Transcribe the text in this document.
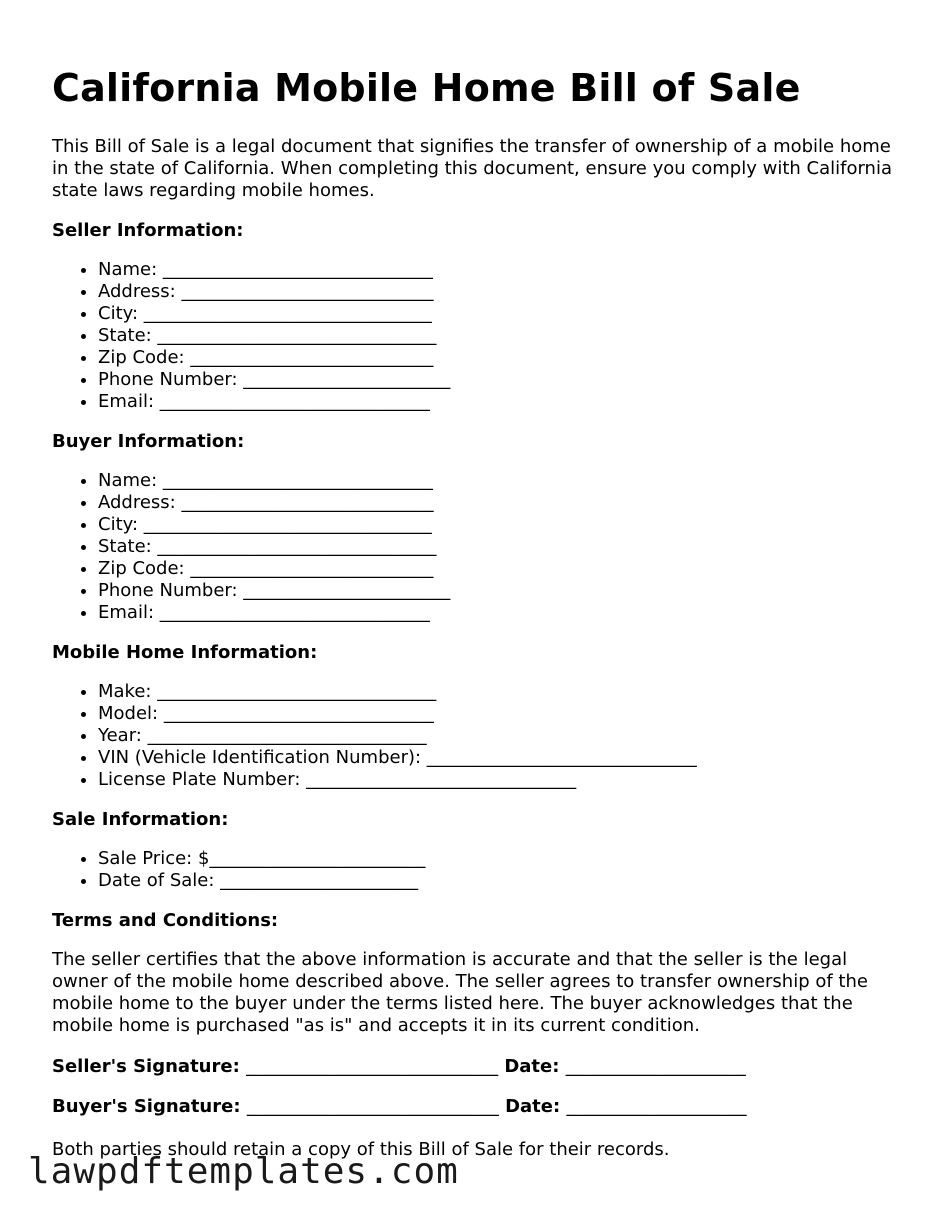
California Mobile Home Bill of Sale

This Bill of Sale is a legal document that signifies the transfer of ownership of a mobile home in the state of California. When completing this document, ensure you comply with California state laws regarding mobile homes.

Seller Information:
• Name: ______________________________
• Address: ____________________________
• City: ________________________________
• State: _______________________________
• Zip Code: ___________________________
• Phone Number: _______________________
• Email: ______________________________
Buyer Information:
• Name: ______________________________
• Address: ____________________________
• City: ________________________________
• State: _______________________________
• Zip Code: ___________________________
• Phone Number: _______________________
• Email: ______________________________
Mobile Home Information:
• Make: _______________________________
• Model: ______________________________
• Year: _______________________________
• VIN (Vehicle Identification Number): ______________________________
• License Plate Number: ______________________________
Sale Information:
• Sale Price: $________________________
• Date of Sale: ______________________
Terms and Conditions:

The seller certifies that the above information is accurate and that the seller is the legal owner of the mobile home described above. The seller agrees to transfer ownership of the mobile home to the buyer under the terms listed here. The buyer acknowledges that the mobile home is purchased "as is" and accepts it in its current condition.

Seller's Signature: ____________________________ Date: ____________________
Buyer's Signature: ____________________________ Date: ____________________

Both parties should retain a copy of this Bill of Sale for their records.

lawpdftemplates.com
